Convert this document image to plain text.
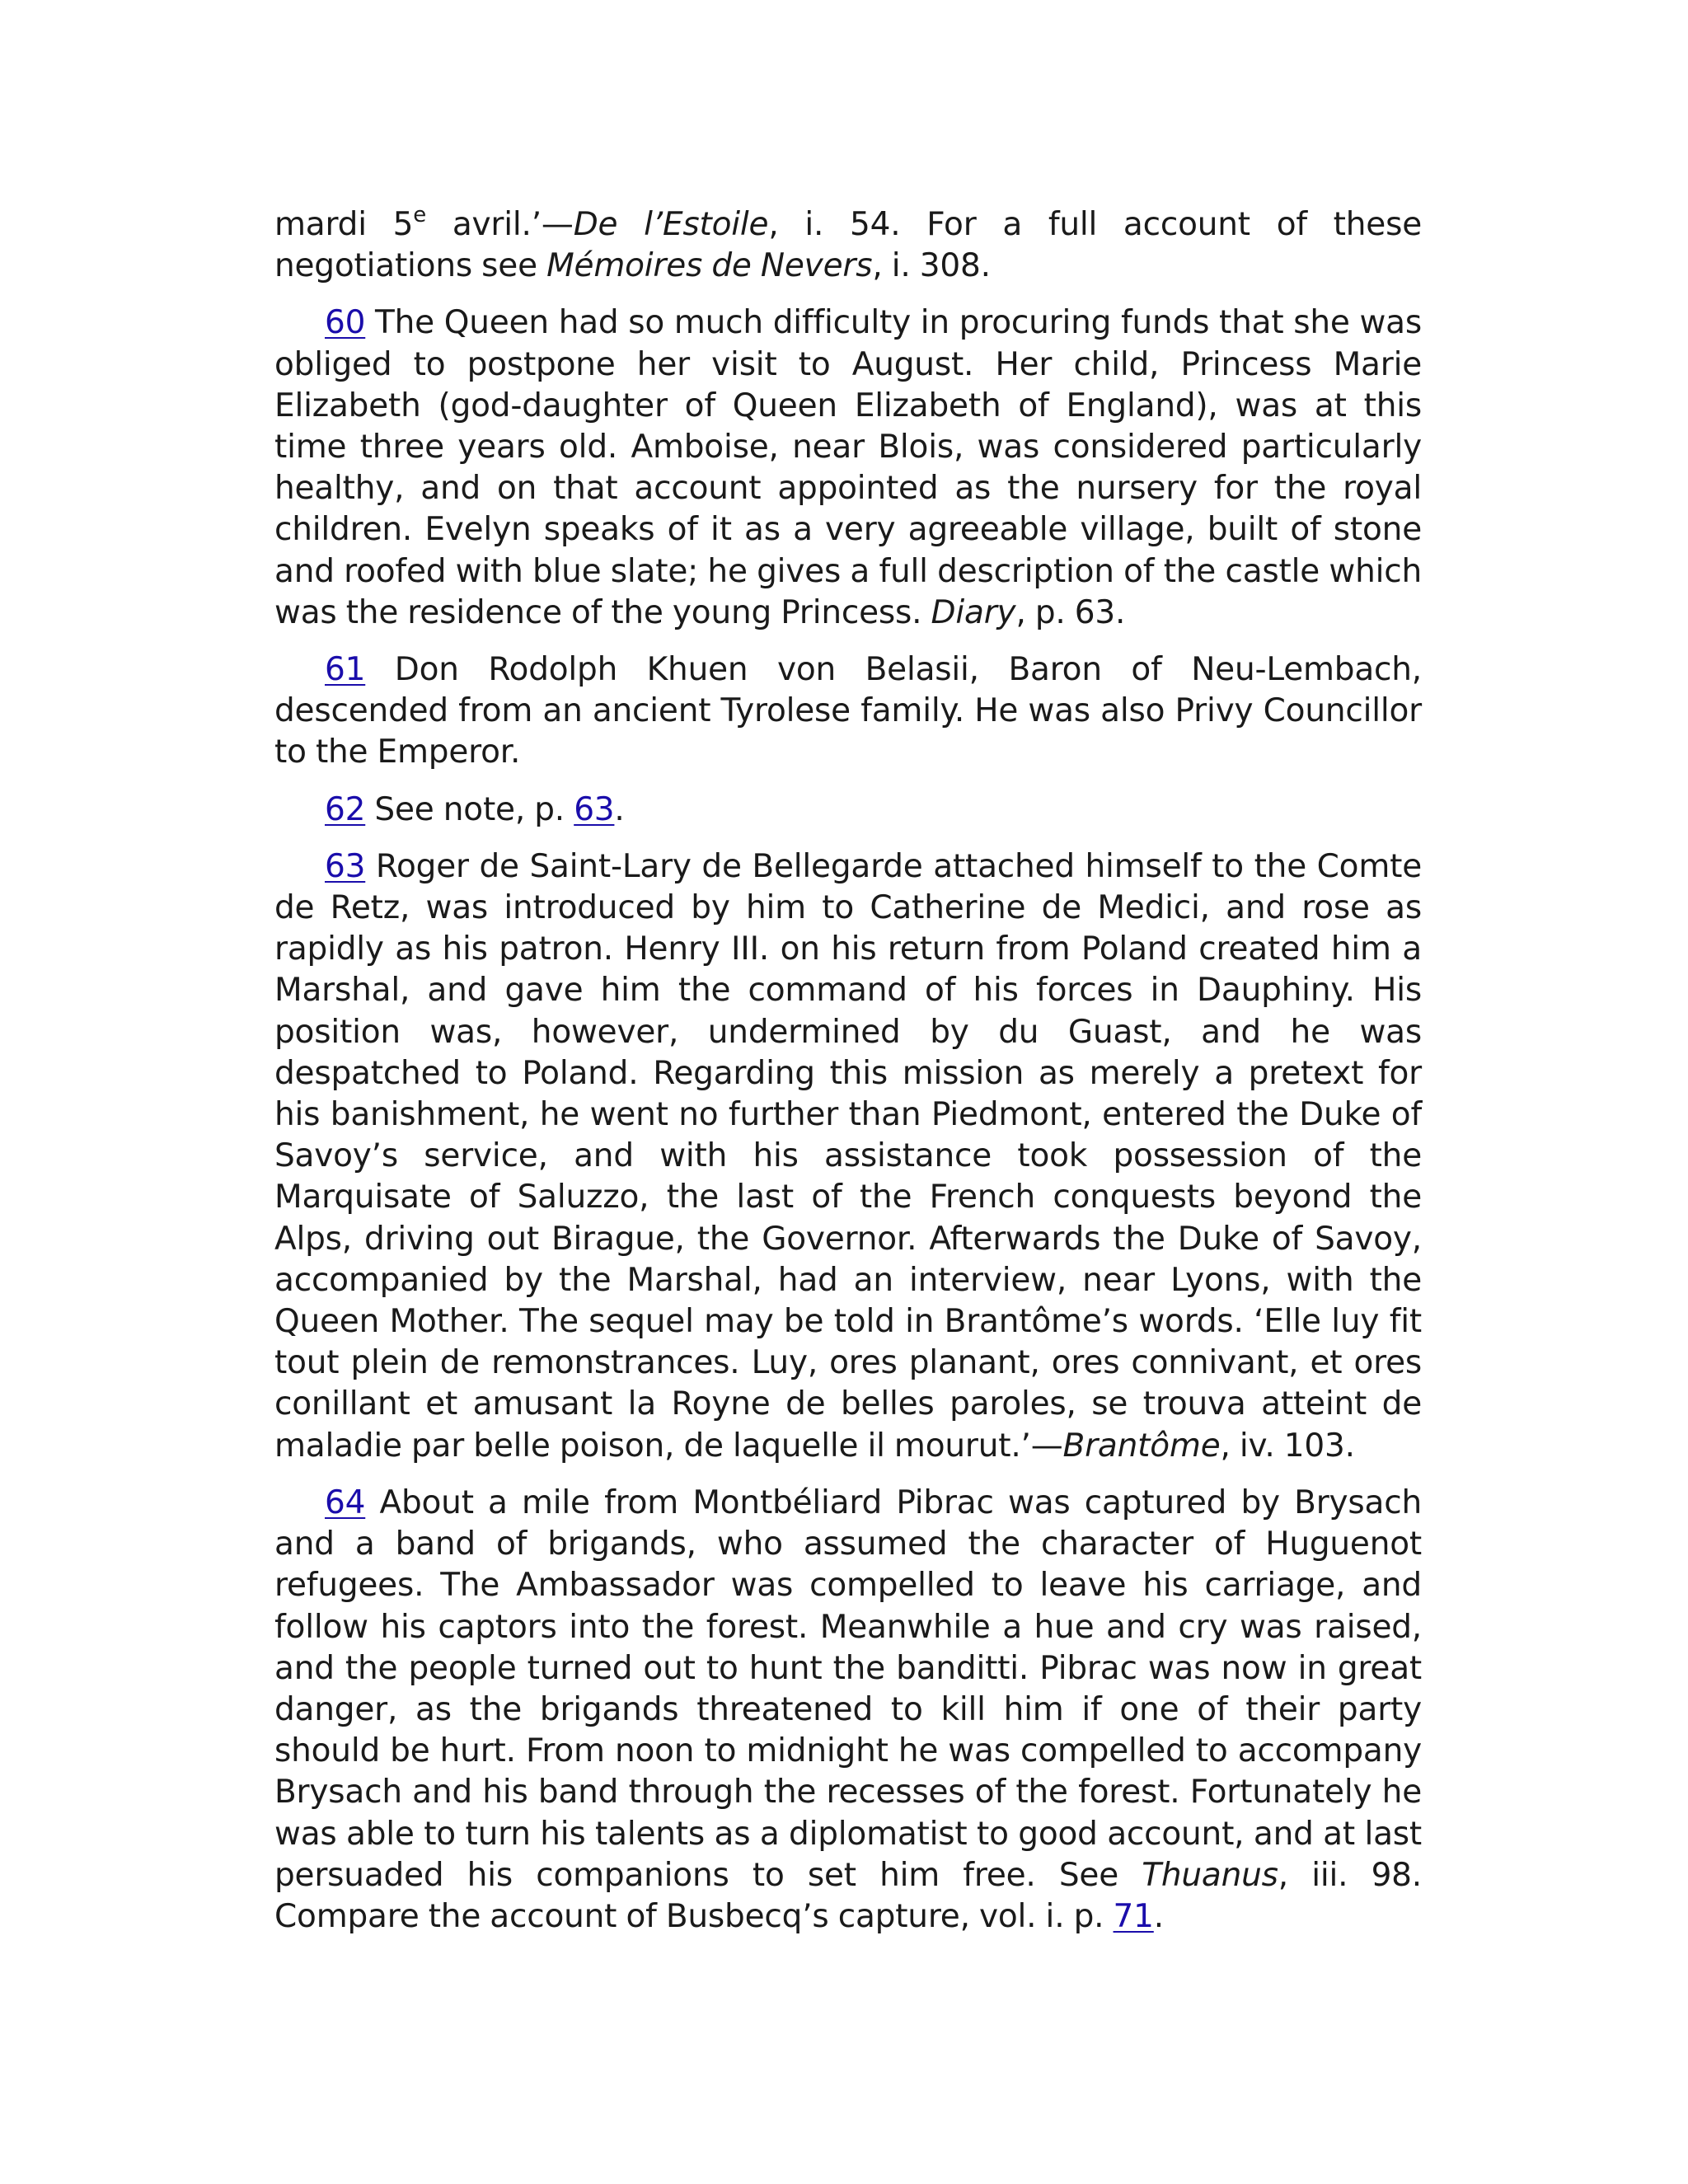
mardi 5e avril.’—De l’Estoile, i. 54. For a full account of these negotiations see Mémoires de Nevers, i. 308.

60 The Queen had so much difficulty in procuring funds that she was obliged to postpone her visit to August. Her child, Princess Marie Elizabeth (god-daughter of Queen Elizabeth of England), was at this time three years old. Amboise, near Blois, was considered particularly healthy, and on that account appointed as the nursery for the royal children. Evelyn speaks of it as a very agreeable village, built of stone and roofed with blue slate; he gives a full description of the castle which was the residence of the young Princess. Diary, p. 63.

61 Don Rodolph Khuen von Belasii, Baron of Neu-Lembach, descended from an ancient Tyrolese family. He was also Privy Councillor to the Emperor.

62 See note, p. 63.

63 Roger de Saint-Lary de Bellegarde attached himself to the Comte de Retz, was introduced by him to Catherine de Medici, and rose as rapidly as his patron. Henry III. on his return from Poland created him a Marshal, and gave him the command of his forces in Dauphiny. His position was, however, undermined by du Guast, and he was despatched to Poland. Regarding this mission as merely a pretext for his banishment, he went no further than Piedmont, entered the Duke of Savoy’s service, and with his assistance took possession of the Marquisate of Saluzzo, the last of the French conquests beyond the Alps, driving out Birague, the Governor. Afterwards the Duke of Savoy, accompanied by the Marshal, had an interview, near Lyons, with the Queen Mother. The sequel may be told in Brantôme’s words. ‘Elle luy fit tout plein de remonstrances. Luy, ores planant, ores connivant, et ores conillant et amusant la Royne de belles paroles, se trouva atteint de maladie par belle poison, de laquelle il mourut.’—Brantôme, iv. 103.

64 About a mile from Montbéliard Pibrac was captured by Brysach and a band of brigands, who assumed the character of Huguenot refugees. The Ambassador was compelled to leave his carriage, and follow his captors into the forest. Meanwhile a hue and cry was raised, and the people turned out to hunt the banditti. Pibrac was now in great danger, as the brigands threatened to kill him if one of their party should be hurt. From noon to midnight he was compelled to accompany Brysach and his band through the recesses of the forest. Fortunately he was able to turn his talents as a diplomatist to good account, and at last persuaded his companions to set him free. See Thuanus, iii. 98. Compare the account of Busbecq’s capture, vol. i. p. 71.
